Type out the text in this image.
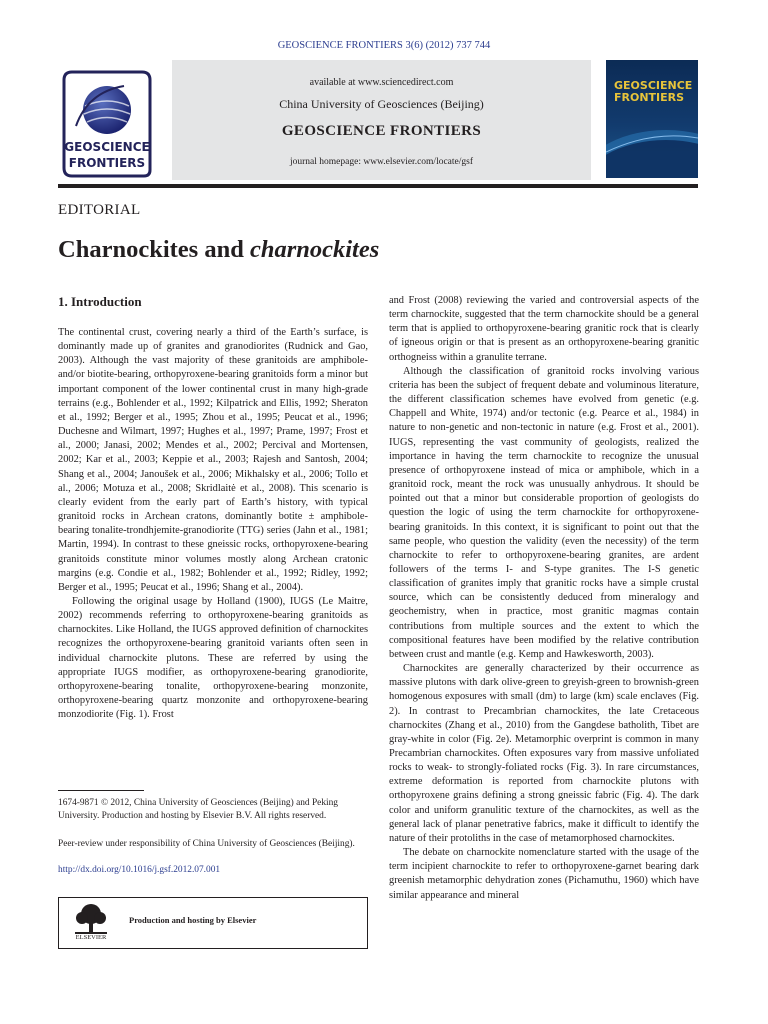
GEOSCIENCE FRONTIERS 3(6) (2012) 737 744
GEOSCIENCE
FRONTIERS
available at www.sciencedirect.com
China University of Geosciences (Beijing)
GEOSCIENCE FRONTIERS
journal homepage: www.elsevier.com/locate/gsf
GEOSCIENCE
FRONTIERS
EDITORIAL
Charnockites and charnockites
1. Introduction

The continental crust, covering nearly a third of the Earth’s surface, is dominantly made up of granites and granodiorites (Rudnick and Gao, 2003). Although the vast majority of these granitoids are amphibole- and/or biotite-bearing, orthopyroxene-bearing granitoids form a minor but important component of the lower continental crust in many high-grade terrains (e.g., Bohlender et al., 1992; Kilpatrick and Ellis, 1992; Sheraton et al., 1992; Berger et al., 1995; Zhou et al., 1995; Peucat et al., 1996; Duchesne and Wilmart, 1997; Hughes et al., 1997; Prame, 1997; Frost et al., 2000; Janasi, 2002; Mendes et al., 2002; Percival and Mortensen, 2002; Kar et al., 2003; Keppie et al., 2003; Rajesh and Santosh, 2004; Shang et al., 2004; Janoušek et al., 2006; Mikhalsky et al., 2006; Tollo et al., 2006; Motuza et al., 2008; Skridlaitė et al., 2008). This scenario is clearly evident from the early part of Earth’s history, with typical granitoid rocks in Archean cratons, dominantly botite ± amphibole-bearing tonalite-trondhjemite-granodiorite (TTG) series (Jahn et al., 1981; Martin, 1994). In contrast to these gneissic rocks, orthopyroxene-bearing granitoids constitute minor volumes mostly along Archean cratonic margins (e.g. Condie et al., 1982; Bohlender et al., 1992; Ridley, 1992; Berger et al., 1995; Peucat et al., 1996; Shang et al., 2004).

Following the original usage by Holland (1900), IUGS (Le Maitre, 2002) recommends referring to orthopyroxene-bearing granitoids as charnockites. Like Holland, the IUGS approved definition of charnockites recognizes the orthopyroxene-bearing granitoid variants often seen in individual charnockite plutons. These are referred by using the appropriate IUGS modifier, as orthopyroxene-bearing granodiorite, orthopyroxene-bearing tonalite, orthopyroxene-bearing monzonite, orthopyroxene-bearing quartz monzonite and orthopyroxene-bearing monzodiorite (Fig. 1). Frost

1674-9871 © 2012, China University of Geosciences (Beijing) and Peking University. Production and hosting by Elsevier B.V. All rights reserved.
Peer-review under responsibility of China University of Geosciences (Beijing).
http://dx.doi.org/10.1016/j.gsf.2012.07.001
ELSEVIER
Production and hosting by Elsevier

and Frost (2008) reviewing the varied and controversial aspects of the term charnockite, suggested that the term charnockite should be a general term that is applied to orthopyroxene-bearing granitic rock that is clearly of igneous origin or that is present as an orthopyroxene-bearing granitic orthogneiss within a granulite terrane.

Although the classification of granitoid rocks involving various criteria has been the subject of frequent debate and voluminous literature, the different classification schemes have evolved from genetic (e.g. Chappell and White, 1974) and/or tectonic (e.g. Pearce et al., 1984) in nature to non-genetic and non-tectonic in nature (e.g. Frost et al., 2001). IUGS, representing the vast community of geologists, realized the importance in having the term charnockite to recognize the unusual presence of orthopyroxene instead of mica or amphibole, which in a granitoid rock, meant the rock was unusually anhydrous. It should be pointed out that a minor but considerable proportion of geologists do question the logic of using the term charnockite for orthopyroxene-bearing granitoids. In this context, it is significant to point out that the same people, who question the validity (even the necessity) of the term charnockite to refer to orthopyroxene-bearing granites, are ardent followers of the terms I- and S-type granites. The I-S genetic classification of granites imply that granitic rocks have a simple crustal source, which can be consistently deduced from mineralogy and geochemistry, when in practice, most granitic magmas contain contributions from multiple sources and the extent to which the compositional features have been modified by the relative contribution between crust and mantle (e.g. Kemp and Hawkesworth, 2003).

Charnockites are generally characterized by their occurrence as massive plutons with dark olive-green to greyish-green to brownish-green homogenous exposures with small (dm) to large (km) scale enclaves (Fig. 2). In contrast to Precambrian charnockites, the late Cretaceous charnockites (Zhang et al., 2010) from the Gangdese batholith, Tibet are gray-white in color (Fig. 2e). Metamorphic overprint is common in many Precambrian charnockites. Often exposures vary from massive unfoliated rocks to weak- to strongly-foliated rocks (Fig. 3). In rare circumstances, extreme deformation is reported from charnockite plutons with orthopyroxene grains defining a strong gneissic fabric (Fig. 4). The dark color and uniform granulitic texture of the charnockites, as well as the general lack of planar penetrative fabrics, make it difficult to identify the nature of their protoliths in the case of metamorphosed charnockites.

The debate on charnockite nomenclature started with the usage of the term incipient charnockite to refer to orthopyroxene-garnet bearing dark greenish metamorphic dehydration zones (Pichamuthu, 1960) which have similar appearance and mineral
